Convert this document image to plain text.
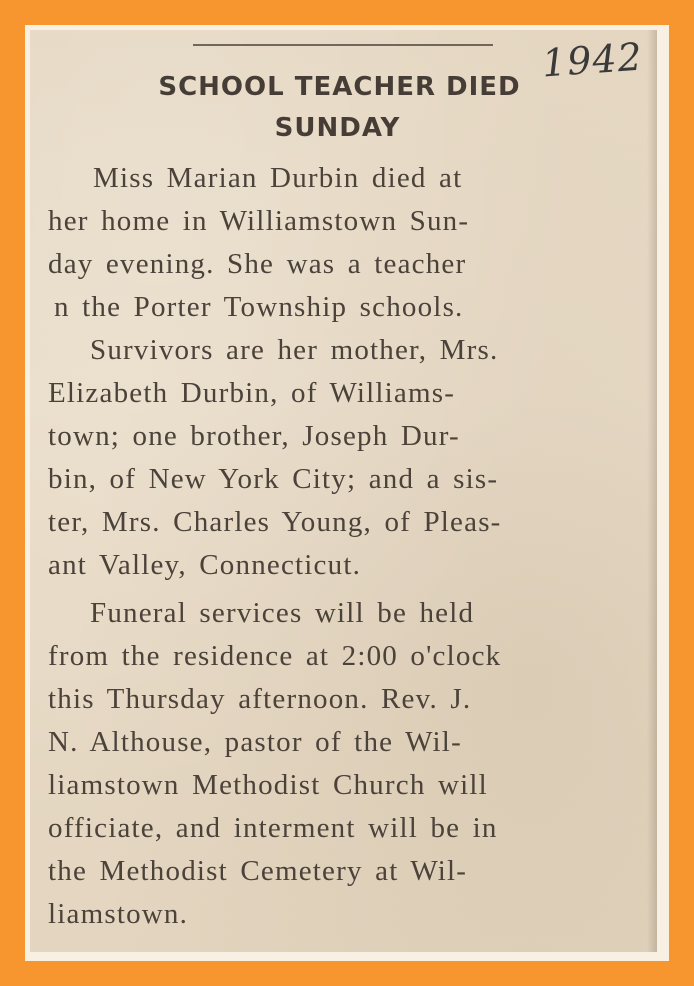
1942
SCHOOL TEACHER DIED
SUNDAY
Miss Marian Durbin died at
her home in Williamstown Sun-
day evening. She was a teacher
n the Porter Township schools.
Survivors are her mother, Mrs.
Elizabeth Durbin, of Williams-
town; one brother, Joseph Dur-
bin, of New York City; and a sis-
ter, Mrs. Charles Young, of Pleas-
ant Valley, Connecticut.
Funeral services will be held
from the residence at 2:00 o'clock
this Thursday afternoon. Rev. J.
N. Althouse, pastor of the Wil-
liamstown Methodist Church will
officiate, and interment will be in
the Methodist Cemetery at Wil-
liamstown.
